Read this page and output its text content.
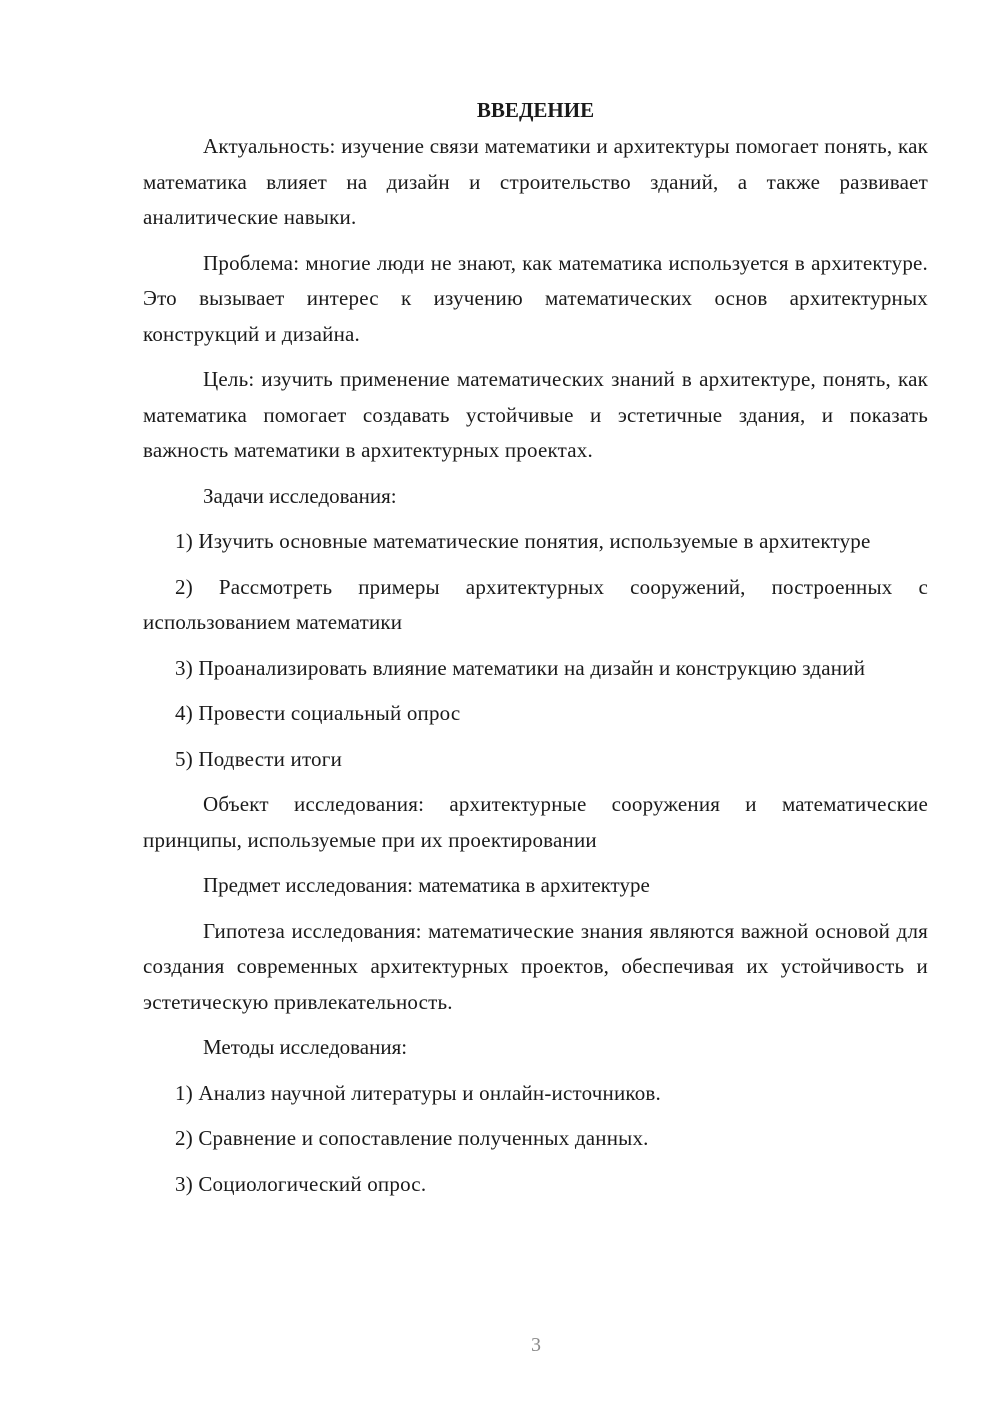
ВВЕДЕНИЕ

Актуальность: изучение связи математики и архитектуры помогает понять, как математика влияет на дизайн и строительство зданий, а также развивает аналитические навыки.

Проблема: многие люди не знают, как математика используется в архитектуре. Это вызывает интерес к изучению математических основ архитектурных конструкций и дизайна.

Цель: изучить применение математических знаний в архитектуре, понять, как математика помогает создавать устойчивые и эстетичные здания, и показать важность математики в архитектурных проектах.

Задачи исследования:

1) Изучить основные математические понятия, используемые в архитектуре

2) Рассмотреть примеры архитектурных сооружений, построенных с использованием математики

3) Проанализировать влияние математики на дизайн и конструкцию зданий

4) Провести социальный опрос

5) Подвести итоги

Объект исследования: архитектурные сооружения и математические принципы, используемые при их проектировании

Предмет исследования: математика в архитектуре

Гипотеза исследования: математические знания являются важной основой для создания современных архитектурных проектов, обеспечивая их устойчивость и эстетическую привлекательность.

Методы исследования:

1) Анализ научной литературы и онлайн-источников.

2) Сравнение и сопоставление полученных данных.

3) Социологический опрос.

3
